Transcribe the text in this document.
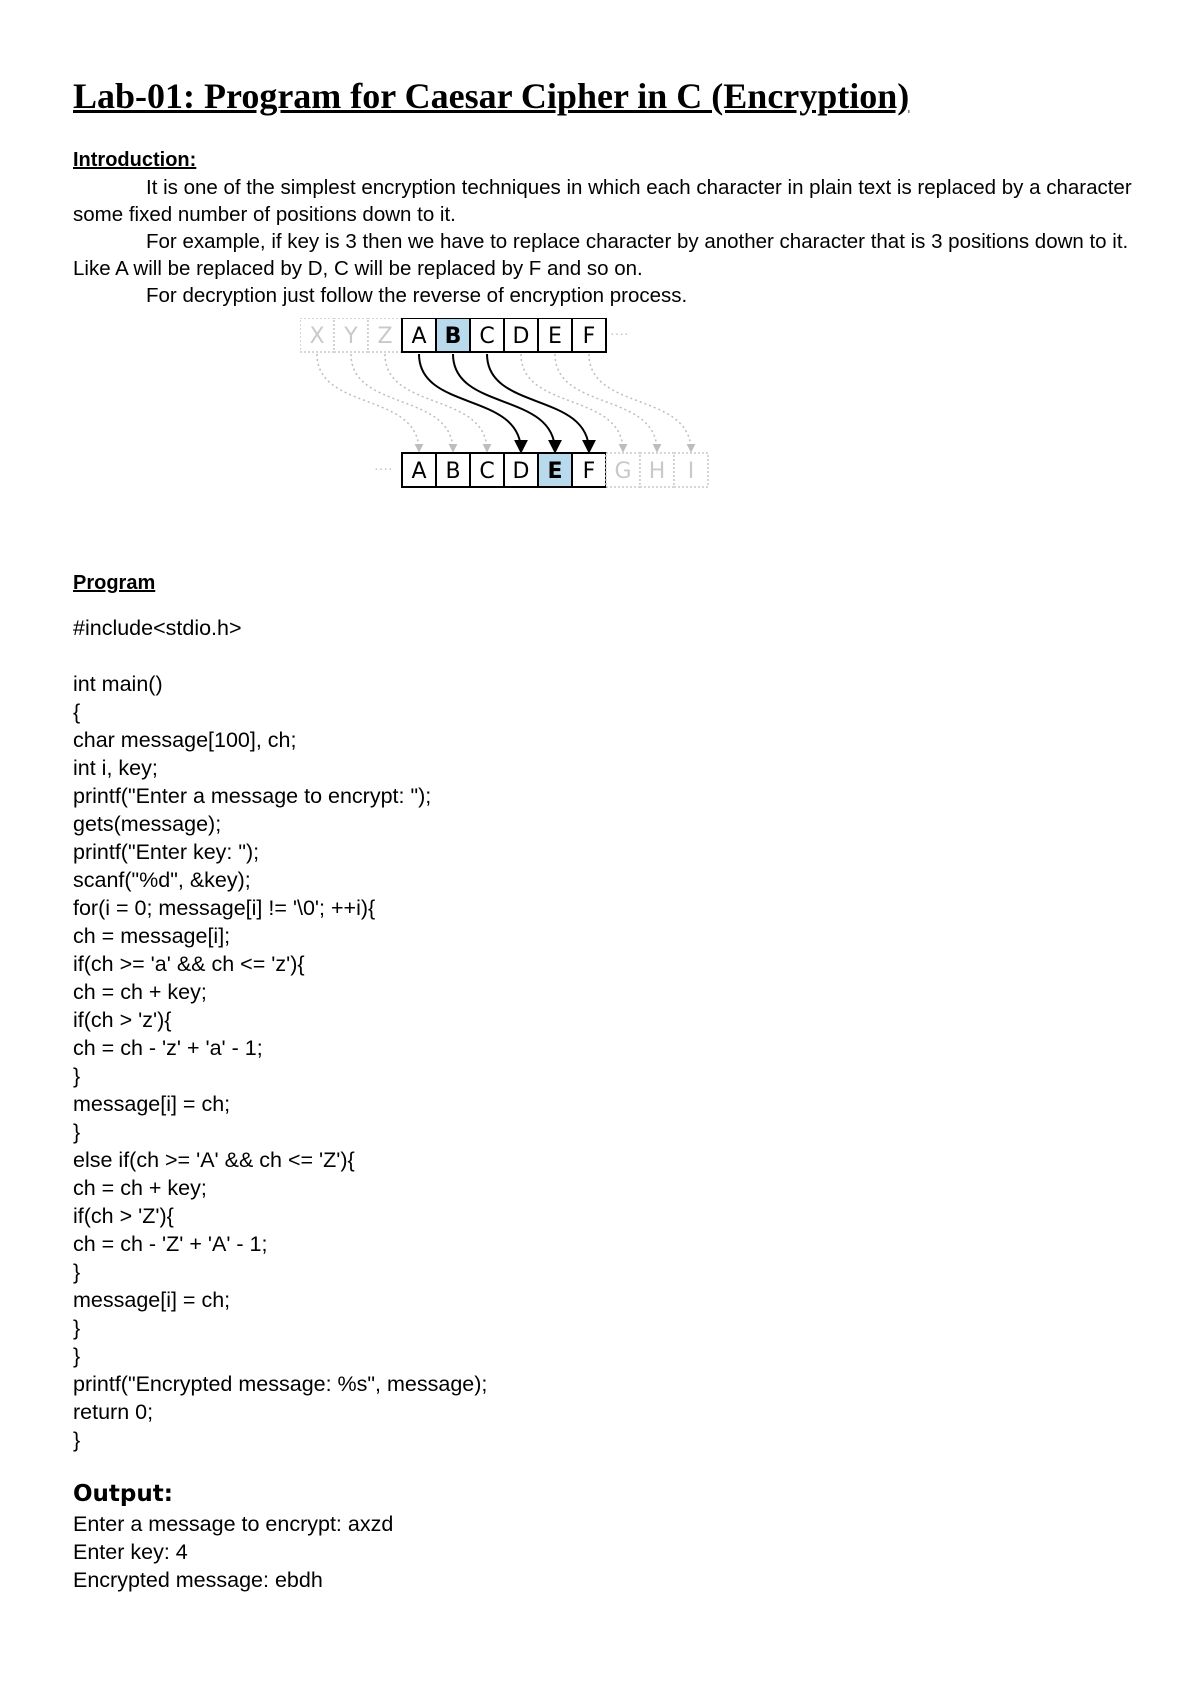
Lab-01: Program for Caesar Cipher in C (Encryption)
Introduction:

It is one of the simplest encryption techniques in which each character in plain text is replaced by a character some fixed number of positions down to it.

For example, if key is 3 then we have to replace character by another character that is 3 positions down to it. Like A will be replaced by D, C will be replaced by F and so on.

For decryption just follow the reverse of encryption process.

····
····
X Y Z A B C D E F
A B C D E F G H I
Program
#include<stdio.h>
int main()
{
char message[100], ch;
int i, key;
printf("Enter a message to encrypt: ");
gets(message);
printf("Enter key: ");
scanf("%d", &key);
for(i = 0; message[i] != '\0'; ++i){
ch = message[i];
if(ch >= 'a' && ch <= 'z'){
ch = ch + key;
if(ch > 'z'){
ch = ch - 'z' + 'a' - 1;
}
message[i] = ch;
}
else if(ch >= 'A' && ch <= 'Z'){
ch = ch + key;
if(ch > 'Z'){
ch = ch - 'Z' + 'A' - 1;
}
message[i] = ch;
}
}
printf("Encrypted message: %s", message);
return 0;
}
Output:
Enter a message to encrypt: axzd
Enter key: 4
Encrypted message: ebdh
